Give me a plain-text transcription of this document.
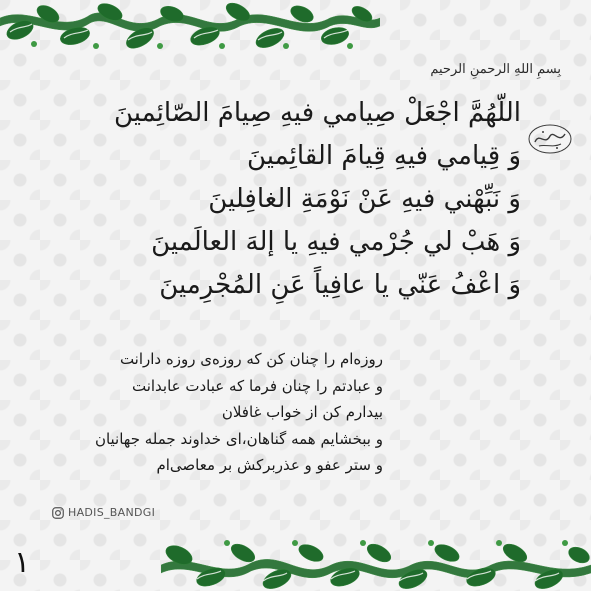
بِسمِ اللهِ الرحمنِ الرحیم
اللّهُمَّ اجْعَلْ صِيامي فيهِ صِيامَ الصّائِمينَ
وَ قِيامي فيهِ قِيامَ القائِمينَ
وَ نَبِّهْني فيهِ عَنْ نَوْمَةِ الغافِلينَ
وَ هَبْ لي جُرْمي فيهِ يا إلهَ العالَمينَ
وَ اعْفُ عَنّي يا عافِياً عَنِ المُجْرِمينَ
روزه‌ام را چنان کن که روزه‌ی روزه دارانت
و عبادتم را چنان فرما که عبادت عابدانت
بیدارم کن از خواب غافلان
و ببخشایم همه گناهان،ای خداوند جمله جهانیان
و ستر عفو و عذربرکش بر معاصی‌ام
HADIS_BANDGI
۱
